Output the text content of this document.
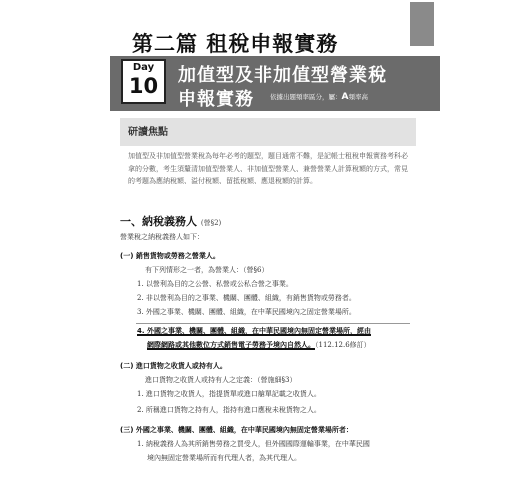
第二篇 租稅申報實務
Day
10	加值型及非加值型營業稅
申報實務 依據出題頻率區分，屬：A頻率高
研讀焦點
加值型及非加值型營業稅為每年必考的題型，題目通常不難，是記帳士租稅申報實務考科必拿的分數，考生須釐清加值型營業人、非加值型營業人、兼營營業人計算稅額的方式，常見的考題為應納稅額、溢付稅額、留抵稅額、應退稅額的計算。
一、納稅義務人 (營§2)
營業稅之納稅義務人如下：
(一) 銷售貨物或勞務之營業人。
有下列情形之一者，為營業人：（營§6）
1. 以營利為目的之公營、私營或公私合營之事業。
2. 非以營利為目的之事業、機關、團體、組織，有銷售貨物或勞務者。
3. 外國之事業、機關、團體、組織，在中華民國境內之固定營業場所。
4. 外國之事業、機關、團體、組織，在中華民國境內無固定營業場所，經由
網際網路或其他數位方式銷售電子勞務予境內自然人。（112.12.6修訂）
(二) 進口貨物之收貨人或持有人。
進口貨物之收貨人或持有人之定義：（營施細§3）
1. 進口貨物之收貨人，指提貨單或進口艙單記載之收貨人。
2. 所稱進口貨物之持有人，指持有進口應稅未稅貨物之人。
(三) 外國之事業、機關、團體、組織，在中華民國境內無固定營業場所者：
1. 納稅義務人為其所銷售勞務之買受人，但外國國際運輸事業，在中華民國
境內無固定營業場所而有代理人者，為其代理人。
